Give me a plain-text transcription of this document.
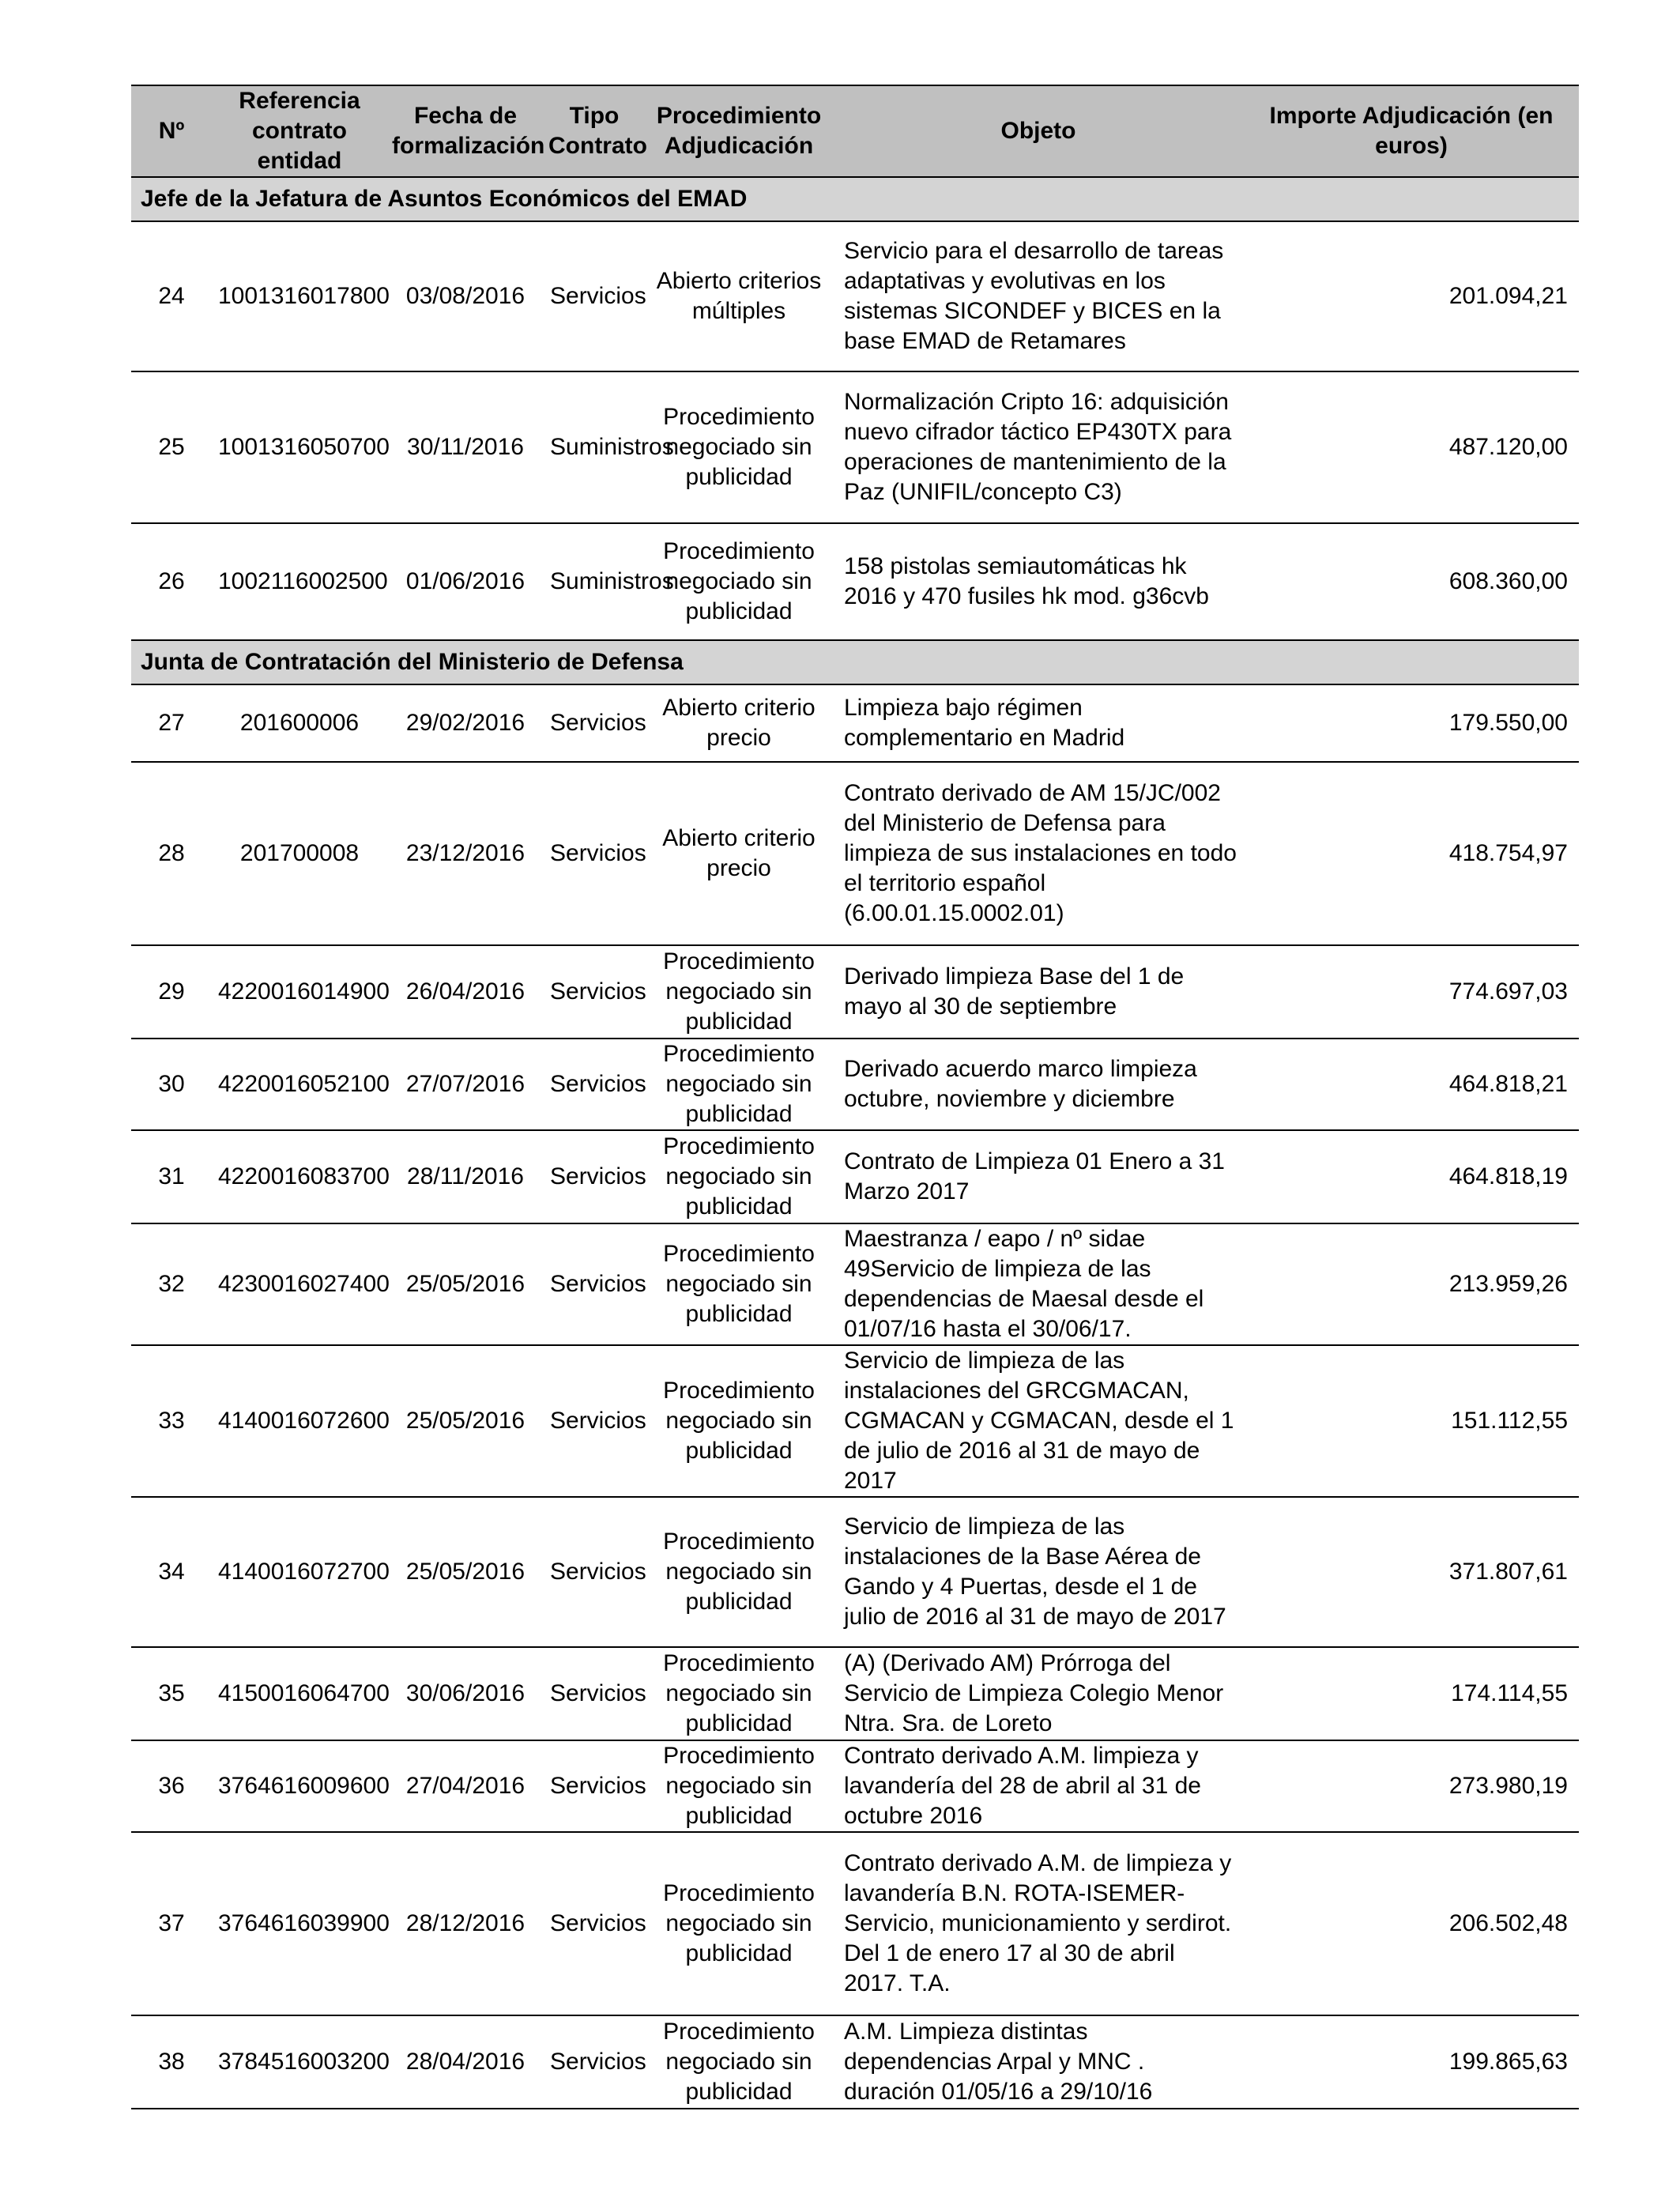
Nº	Referencia contrato entidad	Fecha de formalización	Tipo Contrato	Procedimiento Adjudicación	Objeto	Importe Adjudicación (en euros)
Jefe de la Jefatura de Asuntos Económicos del EMAD						
24	1001316017800	03/08/2016	Servicios	Abierto criterios múltiples	Servicio para el desarrollo de tareas adaptativas y evolutivas en los sistemas SICONDEF y BICES en la base EMAD de Retamares	201.094,21
25	1001316050700	30/11/2016	Suministros	Procedimiento negociado sin publicidad	Normalización Cripto 16: adquisición nuevo cifrador táctico EP430TX para operaciones de mantenimiento de la Paz (UNIFIL/concepto C3)	487.120,00
26	1002116002500	01/06/2016	Suministros	Procedimiento negociado sin publicidad	158 pistolas semiautomáticas hk 2016 y 470 fusiles hk mod. g36cvb	608.360,00
Junta de Contratación del Ministerio de Defensa						
27	201600006	29/02/2016	Servicios	Abierto criterio precio	Limpieza bajo régimen complementario en Madrid	179.550,00
28	201700008	23/12/2016	Servicios	Abierto criterio precio	Contrato derivado de AM 15/JC/002 del Ministerio de Defensa para limpieza de sus instalaciones en todo el territorio español (6.00.01.15.0002.01)	418.754,97
29	4220016014900	26/04/2016	Servicios	Procedimiento negociado sin publicidad	Derivado limpieza Base del 1 de mayo al 30 de septiembre	774.697,03
30	4220016052100	27/07/2016	Servicios	Procedimiento negociado sin publicidad	Derivado acuerdo marco limpieza octubre, noviembre y diciembre	464.818,21
31	4220016083700	28/11/2016	Servicios	Procedimiento negociado sin publicidad	Contrato de Limpieza 01 Enero a 31 Marzo 2017	464.818,19
32	4230016027400	25/05/2016	Servicios	Procedimiento negociado sin publicidad	Maestranza / eapo / nº sidae 49Servicio de limpieza de las dependencias de Maesal desde el 01/07/16 hasta el 30/06/17.	213.959,26
33	4140016072600	25/05/2016	Servicios	Procedimiento negociado sin publicidad	Servicio de limpieza de las instalaciones del GRCGMACAN, CGMACAN y CGMACAN, desde el 1 de julio de 2016 al 31 de mayo de 2017	151.112,55
34	4140016072700	25/05/2016	Servicios	Procedimiento negociado sin publicidad	Servicio de limpieza de las instalaciones de la Base Aérea de Gando y 4 Puertas, desde el 1 de julio de 2016 al 31 de mayo de 2017	371.807,61
35	4150016064700	30/06/2016	Servicios	Procedimiento negociado sin publicidad	(A) (Derivado AM) Prórroga del Servicio de Limpieza Colegio Menor Ntra. Sra. de Loreto	174.114,55
36	3764616009600	27/04/2016	Servicios	Procedimiento negociado sin publicidad	Contrato derivado A.M. limpieza y lavandería del 28 de abril al 31 de octubre 2016	273.980,19
37	3764616039900	28/12/2016	Servicios	Procedimiento negociado sin publicidad	Contrato derivado A.M. de limpieza y lavandería B.N. ROTA-ISEMER-Servicio, municionamiento y serdirot. Del 1 de enero 17 al 30 de abril 2017. T.A.	206.502,48
38	3784516003200	28/04/2016	Servicios	Procedimiento negociado sin publicidad	A.M. Limpieza distintas dependencias Arpal y MNC . duración 01/05/16 a 29/10/16	199.865,63
